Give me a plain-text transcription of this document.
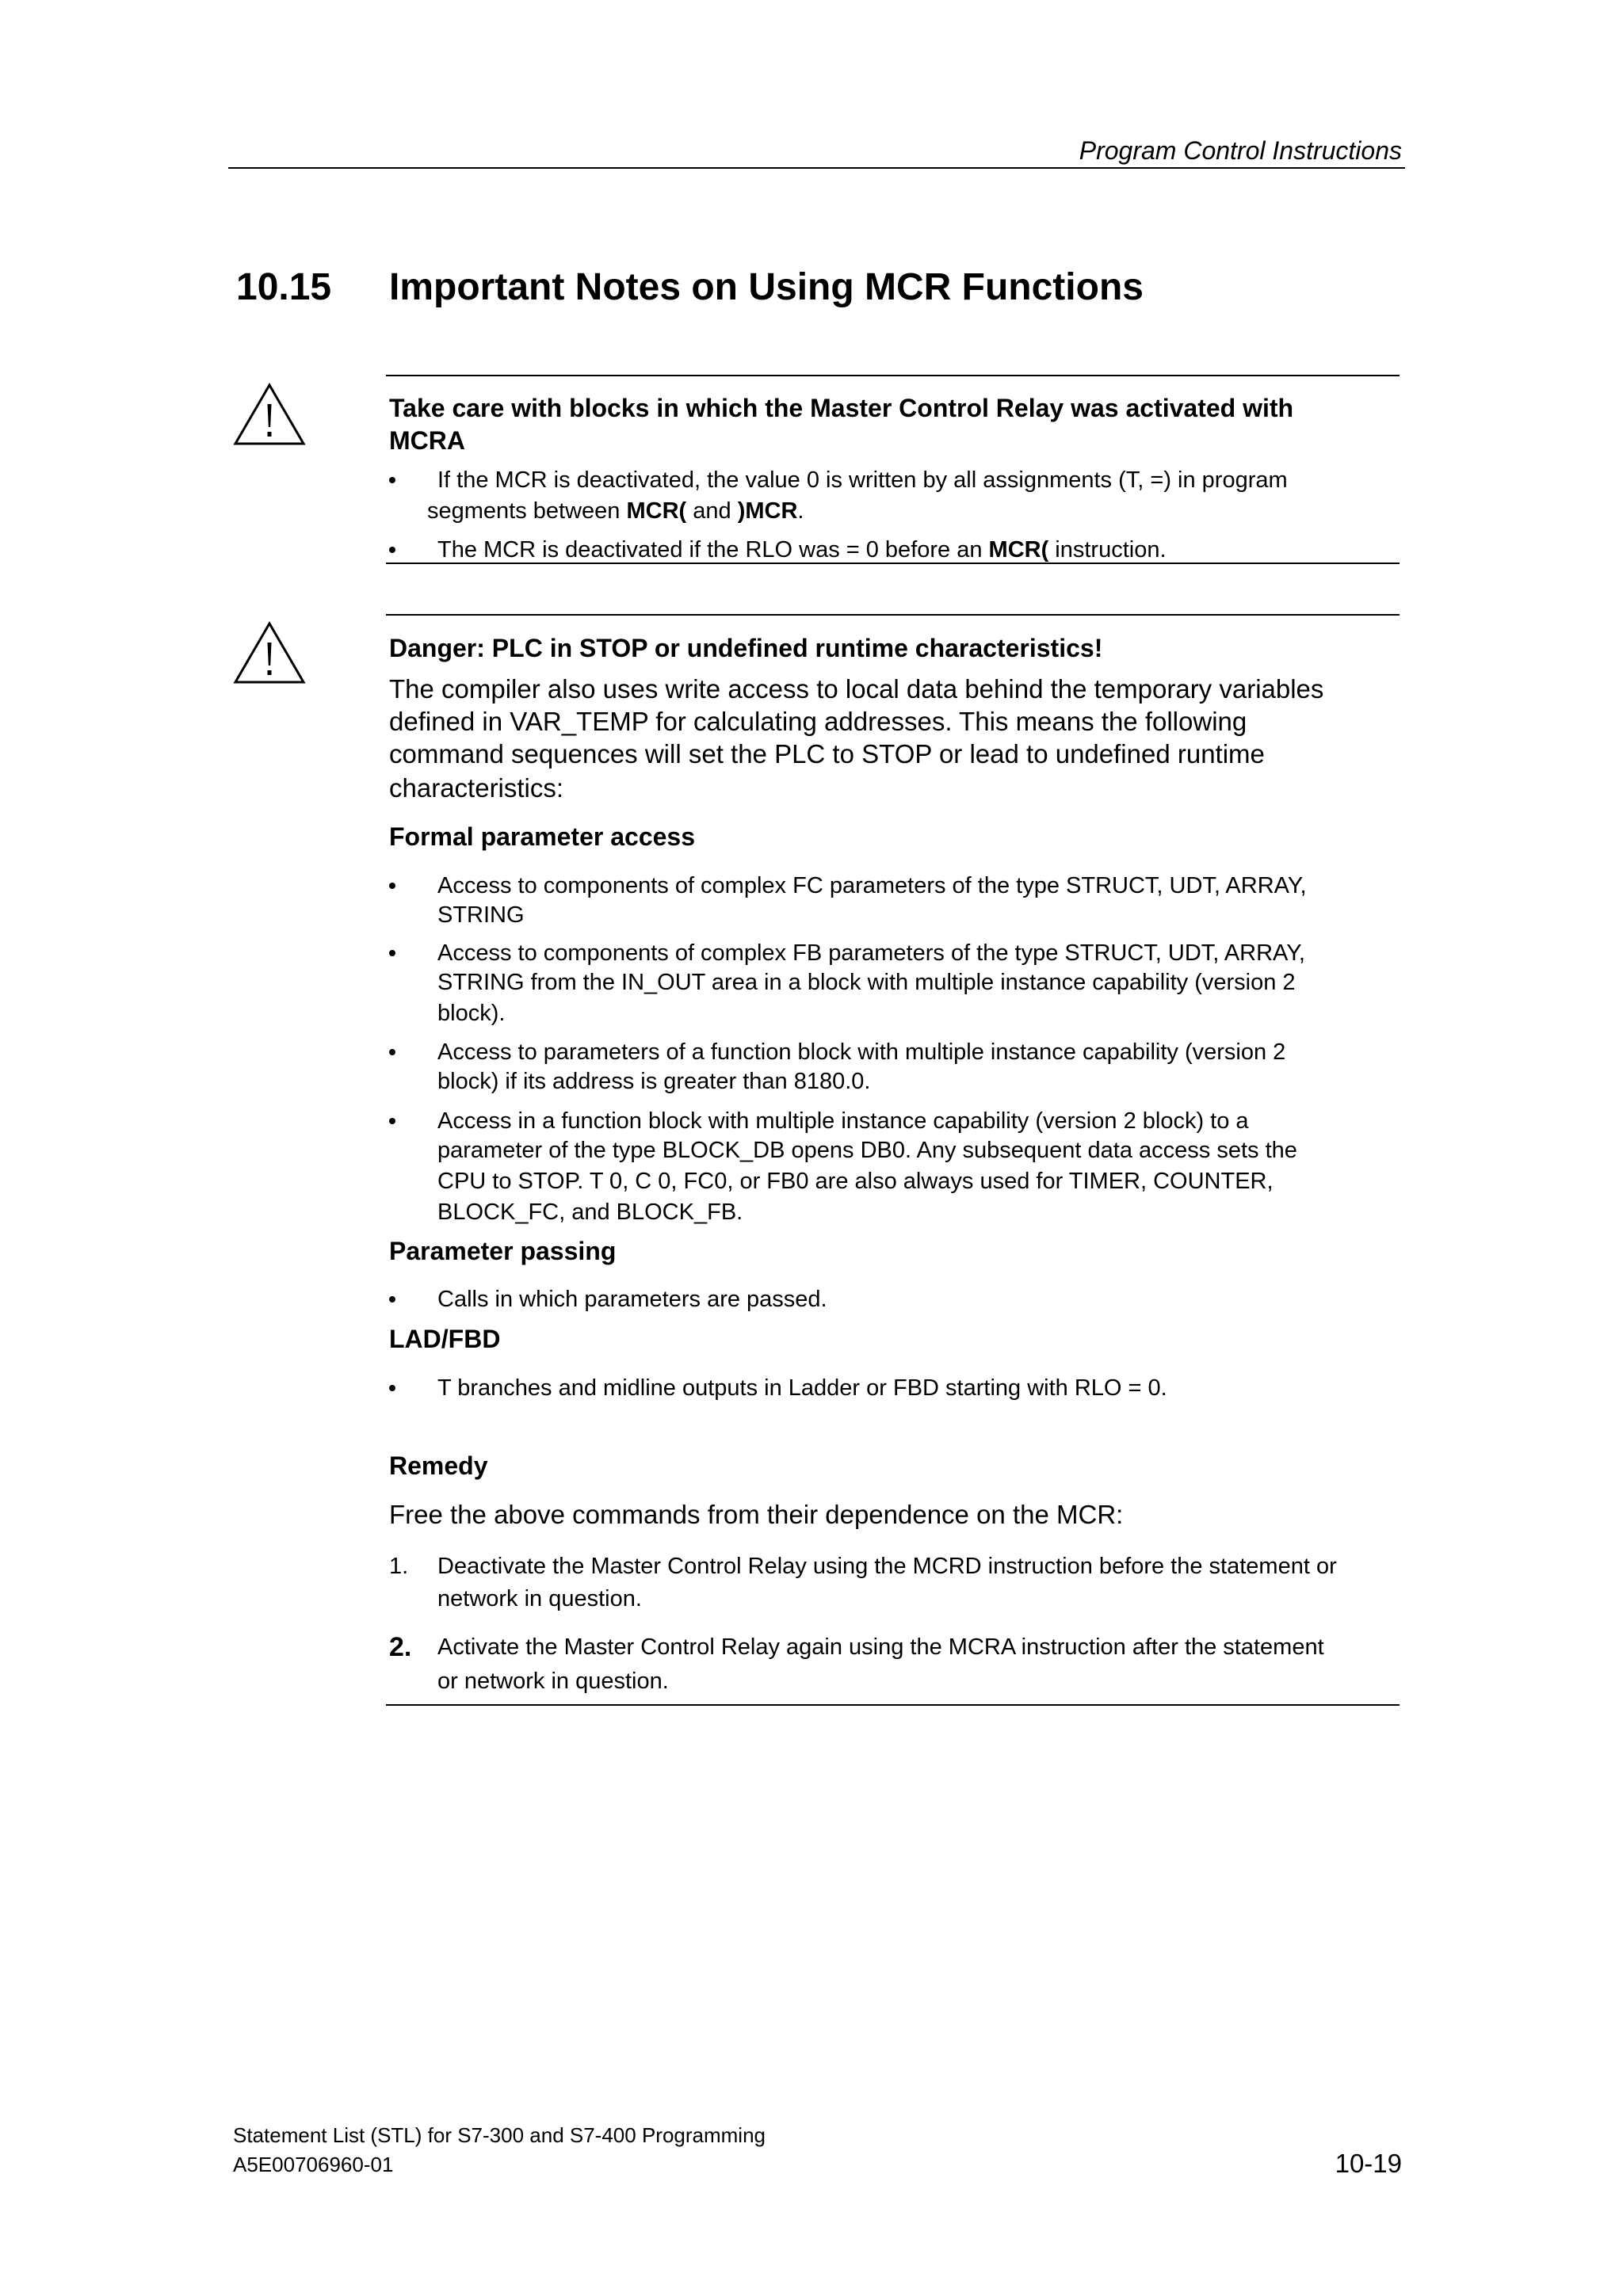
Program Control Instructions
10.15 Important Notes on Using MCR Functions
Take care with blocks in which the Master Control Relay was activated with
MCRA
If the MCR is deactivated, the value 0 is written by all assignments (T, =) in program
segments between MCR( and )MCR.
The MCR is deactivated if the RLO was = 0 before an MCR( instruction.
Danger: PLC in STOP or undefined runtime characteristics!
The compiler also uses write access to local data behind the temporary variables
defined in VAR_TEMP for calculating addresses. This means the following
command sequences will set the PLC to STOP or lead to undefined runtime
characteristics:
Formal parameter access
Access to components of complex FC parameters of the type STRUCT, UDT, ARRAY,
STRING
Access to components of complex FB parameters of the type STRUCT, UDT, ARRAY,
STRING from the IN_OUT area in a block with multiple instance capability (version 2
block).
Access to parameters of a function block with multiple instance capability (version 2
block) if its address is greater than 8180.0.
Access in a function block with multiple instance capability (version 2 block) to a
parameter of the type BLOCK_DB opens DB0. Any subsequent data access sets the
CPU to STOP. T 0, C 0, FC0, or FB0 are also always used for TIMER, COUNTER,
BLOCK_FC, and BLOCK_FB.
Parameter passing
Calls in which parameters are passed.
LAD/FBD
T branches and midline outputs in Ladder or FBD starting with RLO = 0.
Remedy
Free the above commands from their dependence on the MCR:
1. Deactivate the Master Control Relay using the MCRD instruction before the statement or
network in question.
2. Activate the Master Control Relay again using the MCRA instruction after the statement
or network in question.
Statement List (STL) for S7-300 and S7-400 Programming
A5E00706960-01	10-19
